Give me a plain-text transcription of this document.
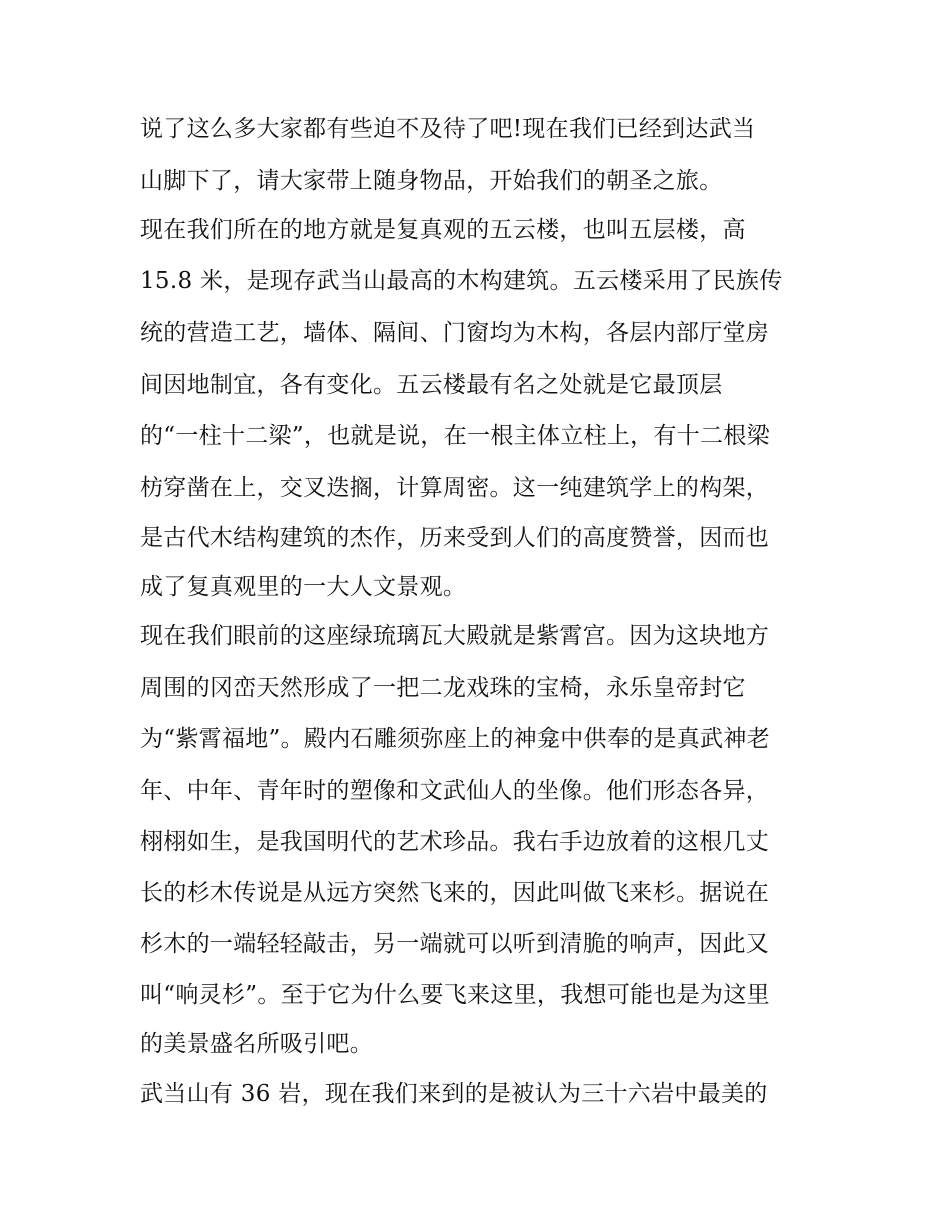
说了这么多大家都有些迫不及待了吧!现在我们已经到达武当

山脚下了，请大家带上随身物品，开始我们的朝圣之旅。

现在我们所在的地方就是复真观的五云楼，也叫五层楼，高

15.8 米，是现存武当山最高的木构建筑。五云楼采用了民族传

统的营造工艺，墙体、隔间、门窗均为木构，各层内部厅堂房

间因地制宜，各有变化。五云楼最有名之处就是它最顶层

的“一柱十二梁”，也就是说，在一根主体立柱上，有十二根梁

枋穿凿在上，交叉迭搁，计算周密。这一纯建筑学上的构架，

是古代木结构建筑的杰作，历来受到人们的高度赞誉，因而也

成了复真观里的一大人文景观。

现在我们眼前的这座绿琉璃瓦大殿就是紫霄宫。因为这块地方

周围的冈峦天然形成了一把二龙戏珠的宝椅，永乐皇帝封它

为“紫霄福地”。殿内石雕须弥座上的神龛中供奉的是真武神老

年、中年、青年时的塑像和文武仙人的坐像。他们形态各异，

栩栩如生，是我国明代的艺术珍品。我右手边放着的这根几丈

长的杉木传说是从远方突然飞来的，因此叫做飞来杉。据说在

杉木的一端轻轻敲击，另一端就可以听到清脆的响声，因此又

叫“响灵杉”。至于它为什么要飞来这里，我想可能也是为这里

的美景盛名所吸引吧。

武当山有 36 岩，现在我们来到的是被认为三十六岩中最美的
